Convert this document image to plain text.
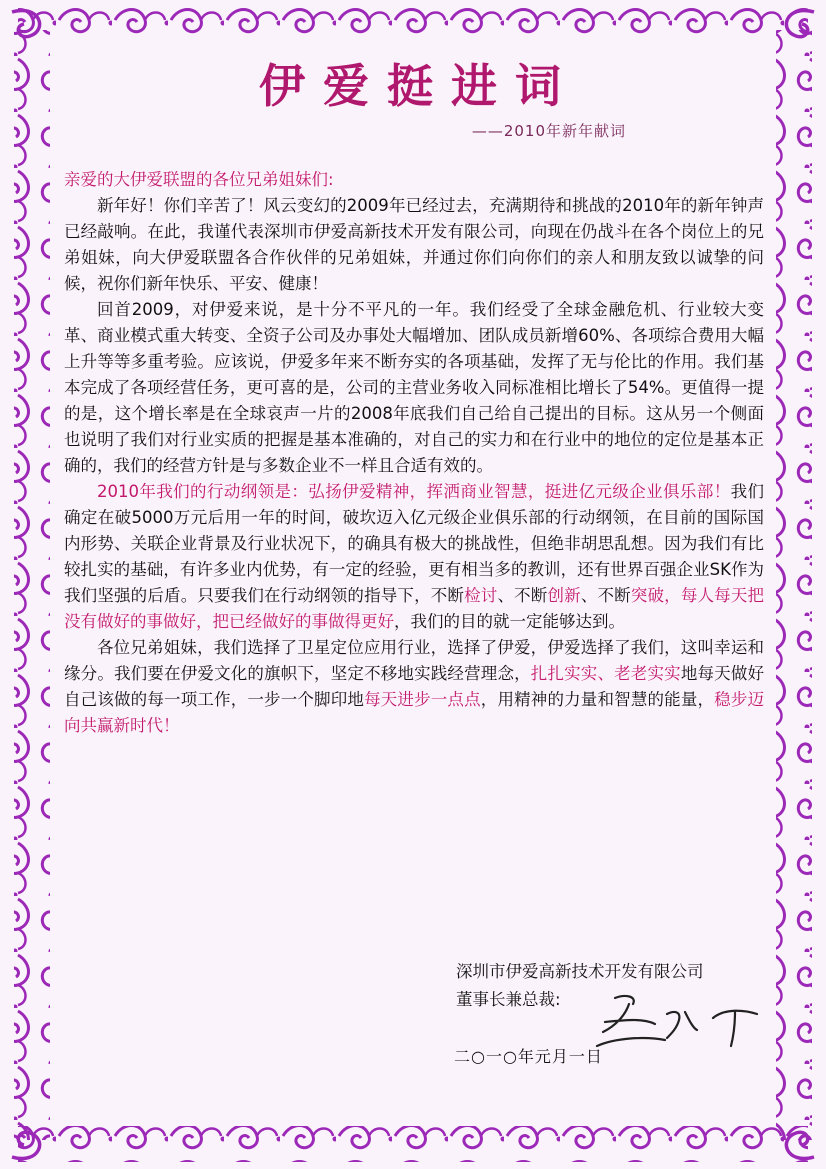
伊爱挺进词
——2010年新年献词
亲爱的大伊爱联盟的各位兄弟姐妹们:

新年好！你们辛苦了！风云变幻的2009年已经过去，充满期待和挑战的2010年的新年钟声已经敲响。在此，我谨代表深圳市伊爱高新技术开发有限公司，向现在仍战斗在各个岗位上的兄弟姐妹，向大伊爱联盟各合作伙伴的兄弟姐妹，并通过你们向你们的亲人和朋友致以诚挚的问候，祝你们新年快乐、平安、健康！

回首2009，对伊爱来说，是十分不平凡的一年。我们经受了全球金融危机、行业较大变革、商业模式重大转变、全资子公司及办事处大幅增加、团队成员新增60%、各项综合费用大幅上升等等多重考验。应该说，伊爱多年来不断夯实的各项基础，发挥了无与伦比的作用。我们基本完成了各项经营任务，更可喜的是，公司的主营业务收入同标准相比增长了54%。更值得一提的是，这个增长率是在全球哀声一片的2008年底我们自己给自己提出的目标。这从另一个侧面也说明了我们对行业实质的把握是基本准确的，对自己的实力和在行业中的地位的定位是基本正确的，我们的经营方针是与多数企业不一样且合适有效的。

2010年我们的行动纲领是：弘扬伊爱精神，挥洒商业智慧，挺进亿元级企业俱乐部！我们确定在破5000万元后用一年的时间，破坎迈入亿元级企业俱乐部的行动纲领，在目前的国际国内形势、关联企业背景及行业状况下，的确具有极大的挑战性，但绝非胡思乱想。因为我们有比较扎实的基础，有许多业内优势，有一定的经验，更有相当多的教训，还有世界百强企业SK作为我们坚强的后盾。只要我们在行动纲领的指导下，不断检讨、不断创新、不断突破，每人每天把没有做好的事做好，把已经做好的事做得更好，我们的目的就一定能够达到。

各位兄弟姐妹，我们选择了卫星定位应用行业，选择了伊爱，伊爱选择了我们，这叫幸运和缘分。我们要在伊爱文化的旗帜下，坚定不移地实践经营理念，扎扎实实、老老实实地每天做好自己该做的每一项工作，一步一个脚印地每天进步一点点，用精神的力量和智慧的能量，稳步迈向共赢新时代！

深圳市伊爱高新技术开发有限公司
董事长兼总裁:
二○一○年元月一日
